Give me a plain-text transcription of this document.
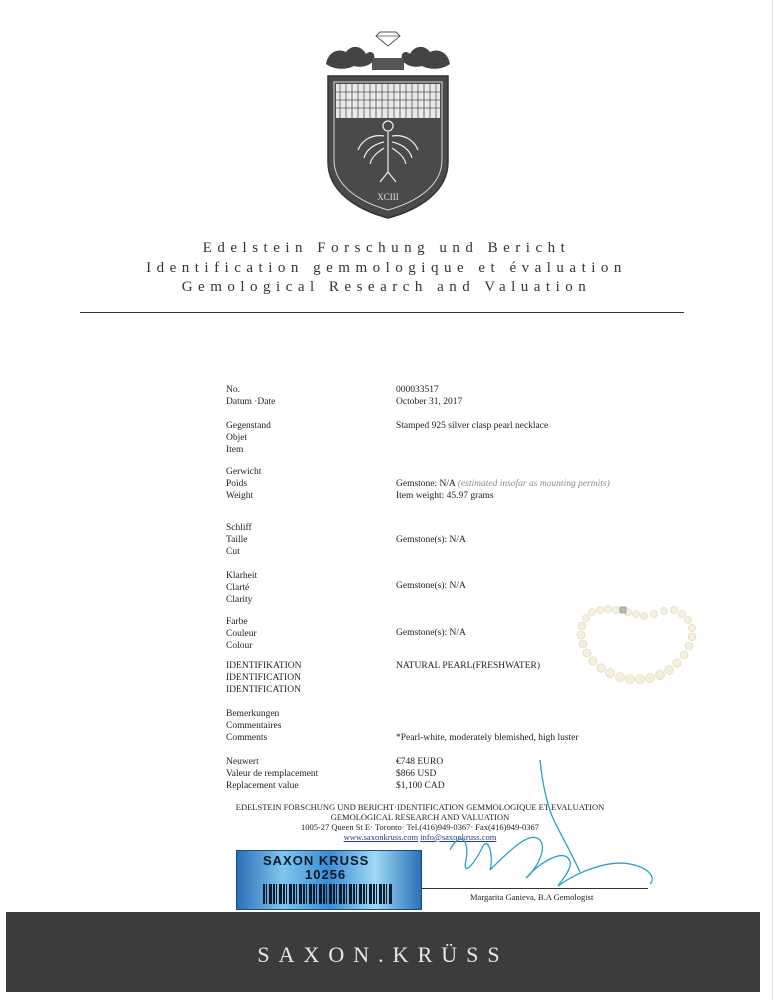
XCIII
Edelstein Forschung und Bericht
Identification gemmologique et évaluation
Gemological Research and Valuation
No.
Datum ·Date
000033517
October 31, 2017
Gegenstand
Objet
Item
Stamped 925 silver clasp pearl necklace
Gerwicht
Poids
Weight
Gemstone: N/A (estimated insofar as mounting permits)
Item weight: 45.97 grams
Schliff
Taille
Cut
Gemstone(s): N/A
Klarheit
Clarté
Clarity
Gemstone(s): N/A
Farbe
Couleur
Colour
Gemstone(s): N/A
IDENTIFIKATION
IDENTIFICATION
IDENTIFICATION
NATURAL PEARL(FRESHWATER)
Bemerkungen
Commentaires
Comments	*Pearl-white, moderately blemished, high luster
Neuwert
Valeur de remplacement
Replacement value
€748 EURO
$866 USD
$1,100 CAD
EDELSTEIN FORSCHUNG UND BERICHT·IDENTIFICATION GEMMOLOGIQUE ET EVALUATION
GEMOLOGICAL RESEARCH AND VALUATION
1005-27 Queen St E· Toronto· Tel.(416)949-0367· Fax(416)949-0367
www.saxonkruss.com info@saxonkruss.com
Margarita Ganieva, B.A Gemologist
SAXON KRUSS
10256
SAXON.KRÜSS
